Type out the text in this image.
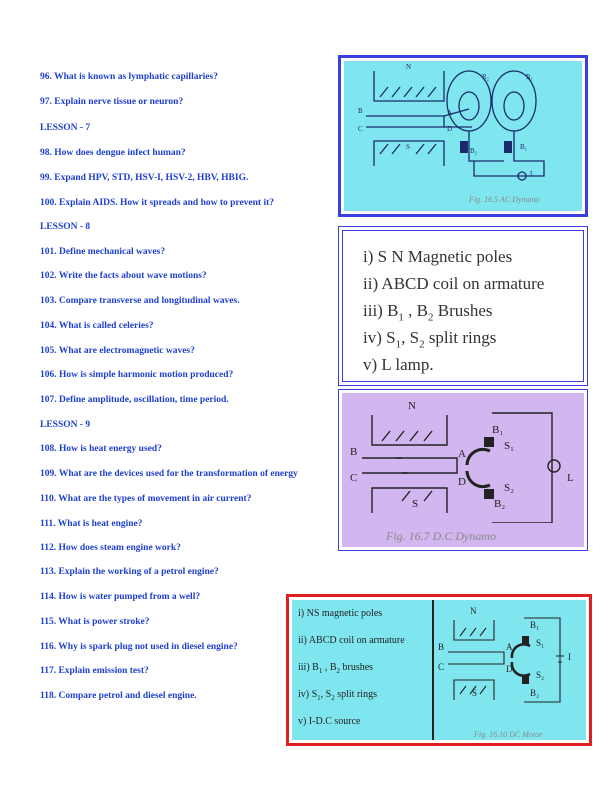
96. What is known as lymphatic capillaries?
97. Explain nerve tissue or neuron?
LESSON - 7
98. How does dengue infect human?
99. Expand HPV, STD, HSV-I, HSV-2, HBV, HBIG.
100. Explain AIDS. How it spreads and how to prevent it?
LESSON - 8
101. Define mechanical waves?
102. Write the facts about wave motions?
103. Compare transverse and longitudinal waves.
104. What is called celeries?
105. What are electromagnetic waves?
106. How is simple harmonic motion produced?
107. Define amplitude, oscillation, time period.
LESSON - 9
108. How is heat energy used?
109. What are the devices used for the transformation of energy
110. What are the types of movement in air current?
111. What is heat engine?
112. How does steam engine work?
113. Explain the working of a petrol engine?
114. How is water pumped from a well?
115. What is power stroke?
116. Why is spark plug not used in diesel engine?
117. Explain emission test?
118. Compare petrol and diesel engine.
N
S
A
B
C	D
R₂	R₁
B₂	B₁
L
Fig. 16.5 AC Dynamo
i) S N Magnetic poles
ii) ABCD coil on armature
iii) $B_1$ , $B_2$ Brushes
iv) $S_1$, $S_2$ split rings
v) L lamp.
N
S
A
B
C	D
B₁
S₁
S₂
B₂
L
Fig. 16.7 D.C Dynamo
i) NS magnetic poles
ii) ABCD coil on armature
iii) $B_1$ , $B_2$ brushes
iv) $S_1$, $S_2$ split rings
v) I-D.C source
N
S
A
B
C	D
B₁
S₁
S₂
B₂
I
Fig. 16.10 DC Motor
